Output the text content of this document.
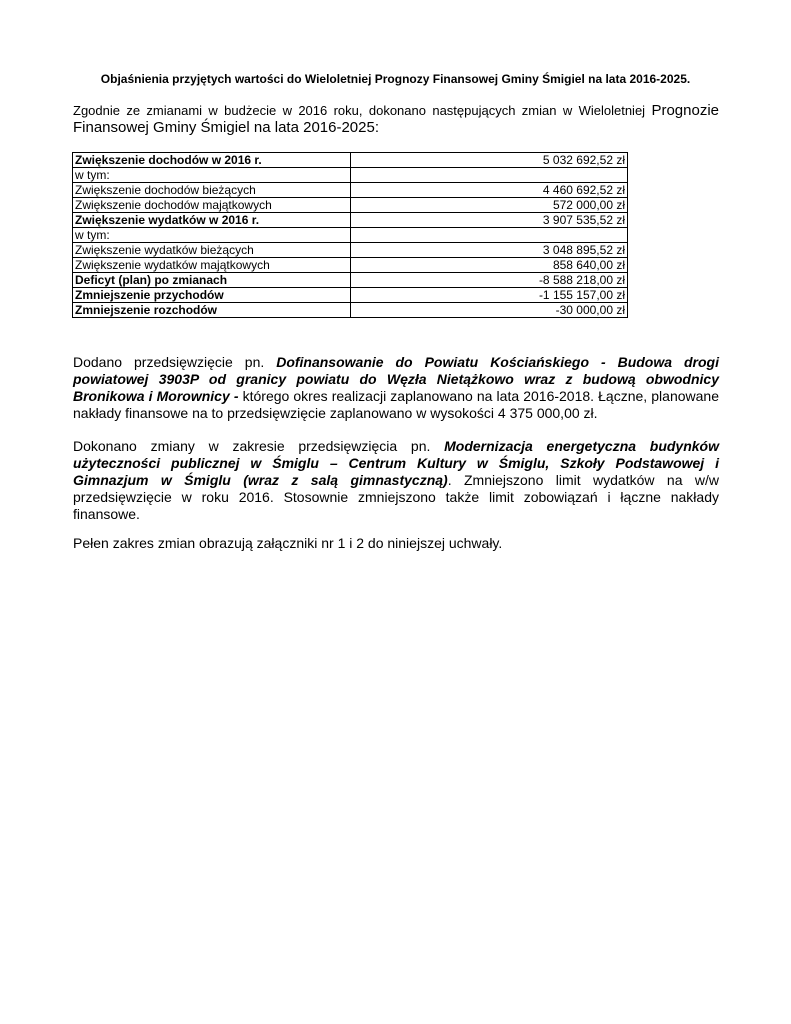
Objaśnienia przyjętych wartości do Wieloletniej Prognozy Finansowej Gminy Śmigiel na lata 2016-2025.
Zgodnie ze zmianami w budżecie w 2016 roku, dokonano następujących zmian w Wieloletniej Prognozie Finansowej Gminy Śmigiel na lata 2016-2025:
Zwiększenie dochodów w 2016 r.	5 032 692,52 zł
w tym:	
Zwiększenie dochodów bieżących	4 460 692,52 zł
Zwiększenie dochodów majątkowych	572 000,00 zł
Zwiększenie wydatków w 2016 r.	3 907 535,52 zł
w tym:	
Zwiększenie wydatków bieżących	3 048 895,52 zł
Zwiększenie wydatków majątkowych	858 640,00 zł
Deficyt (plan) po zmianach	-8 588 218,00 zł
Zmniejszenie przychodów	-1 155 157,00 zł
Zmniejszenie rozchodów	-30 000,00 zł
Dodano przedsięwzięcie pn. Dofinansowanie do Powiatu Kościańskiego - Budowa drogi powiatowej 3903P od granicy powiatu do Węzła Nietążkowo wraz z budową obwodnicy Bronikowa i Morownicy - którego okres realizacji zaplanowano na lata 2016-2018. Łączne, planowane nakłady finansowe na to przedsięwzięcie zaplanowano w wysokości 4 375 000,00 zł.
Dokonano zmiany w zakresie przedsięwzięcia pn. Modernizacja energetyczna budynków użyteczności publicznej w Śmiglu – Centrum Kultury w Śmiglu, Szkoły Podstawowej i Gimnazjum w Śmiglu (wraz z salą gimnastyczną). Zmniejszono limit wydatków na w/w przedsięwzięcie w roku 2016. Stosownie zmniejszono także limit zobowiązań i łączne nakłady finansowe.
Pełen zakres zmian obrazują załączniki nr 1 i 2 do niniejszej uchwały.
